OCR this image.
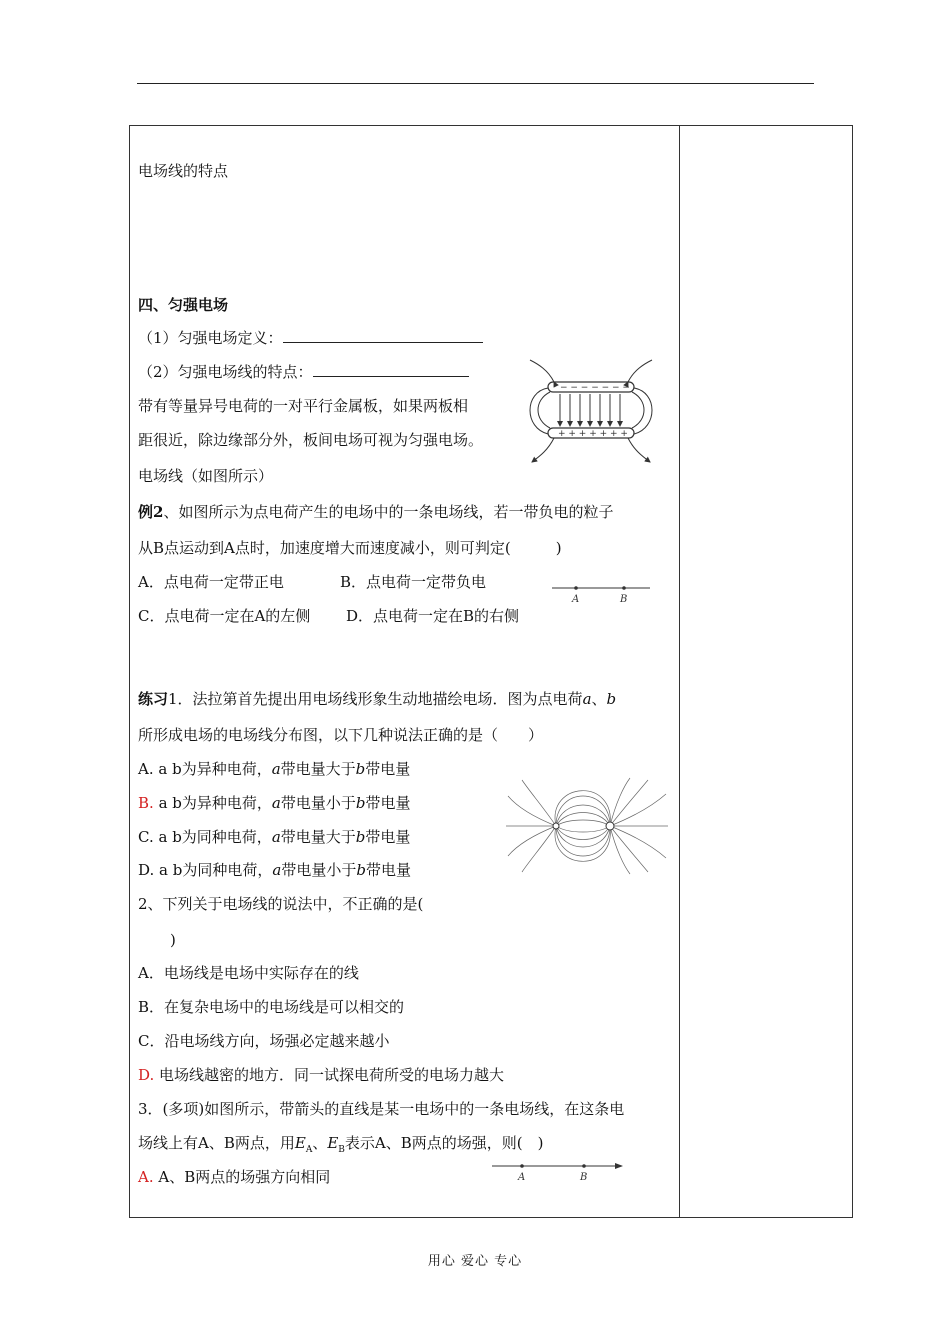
电场线的特点
四、匀强电场
（1）匀强电场定义：
（2）匀强电场线的特点：
带有等量异号电荷的一对平行金属板，如果两板相
距很近，除边缘部分外，板间电场可视为匀强电场。
电场线（如图所示）
− − − − − − −
+ + + + + + +
例2、如图所示为点电荷产生的电场中的一条电场线，若一带负电的粒子
从B点运动到A点时，加速度增大而速度减小，则可判定(　　　)
A．点电荷一定带正电	B．点电荷一定带负电
C．点电荷一定在A的左侧 D．点电荷一定在B的右侧
A	B
练习1．法拉第首先提出用电场线形象生动地描绘电场．图为点电荷a、b
所形成电场的电场线分布图，以下几种说法正确的是（　　）
A. a b为异种电荷，a带电量大于b带电量
B. a b为异种电荷，a带电量小于b带电量
C. a b为同种电荷，a带电量大于b带电量
D. a b为同种电荷，a带电量小于b带电量
2、下列关于电场线的说法中，不正确的是(
)
A．电场线是电场中实际存在的线
B．在复杂电场中的电场线是可以相交的
C．沿电场线方向，场强必定越来越小
D. 电场线越密的地方．同一试探电荷所受的电场力越大
3．(多项)如图所示，带箭头的直线是某一电场中的一条电场线，在这条电
场线上有A、B两点，用$E_A$、$E_B$表示A、B两点的场强，则(　)
A. A、B两点的场强方向相同	A	B
用心 爱心 专心
